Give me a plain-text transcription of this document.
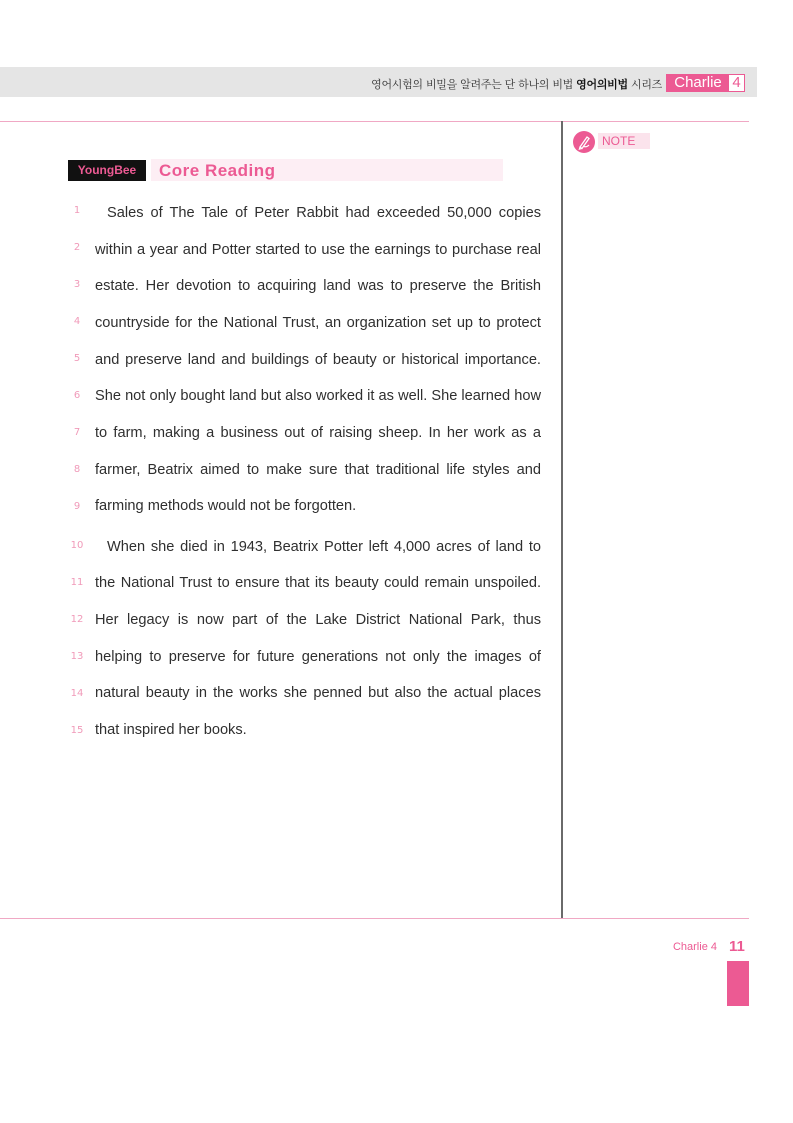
영어시험의 비밀을 알려주는 단 하나의 비법 영어의비법 시리즈 Charlie 4
NOTE
YoungBee	Core Reading
1 Sales of The Tale of Peter Rabbit had exceeded 50,000 copies
2 within a year and Potter started to use the earnings to purchase real
3 estate. Her devotion to acquiring land was to preserve the British
4 countryside for the National Trust, an organization set up to protect
5 and preserve land and buildings of beauty or historical importance.
6 She not only bought land but also worked it as well. She learned how
7 to farm, making a business out of raising sheep. In her work as a
8 farmer, Beatrix aimed to make sure that traditional life styles and
9 farming methods would not be forgotten.
10 When she died in 1943, Beatrix Potter left 4,000 acres of land to
11 the National Trust to ensure that its beauty could remain unspoiled.
12 Her legacy is now part of the Lake District National Park, thus
13 helping to preserve for future generations not only the images of
14 natural beauty in the works she penned but also the actual places
15 that inspired her books.
Charlie 4 11
